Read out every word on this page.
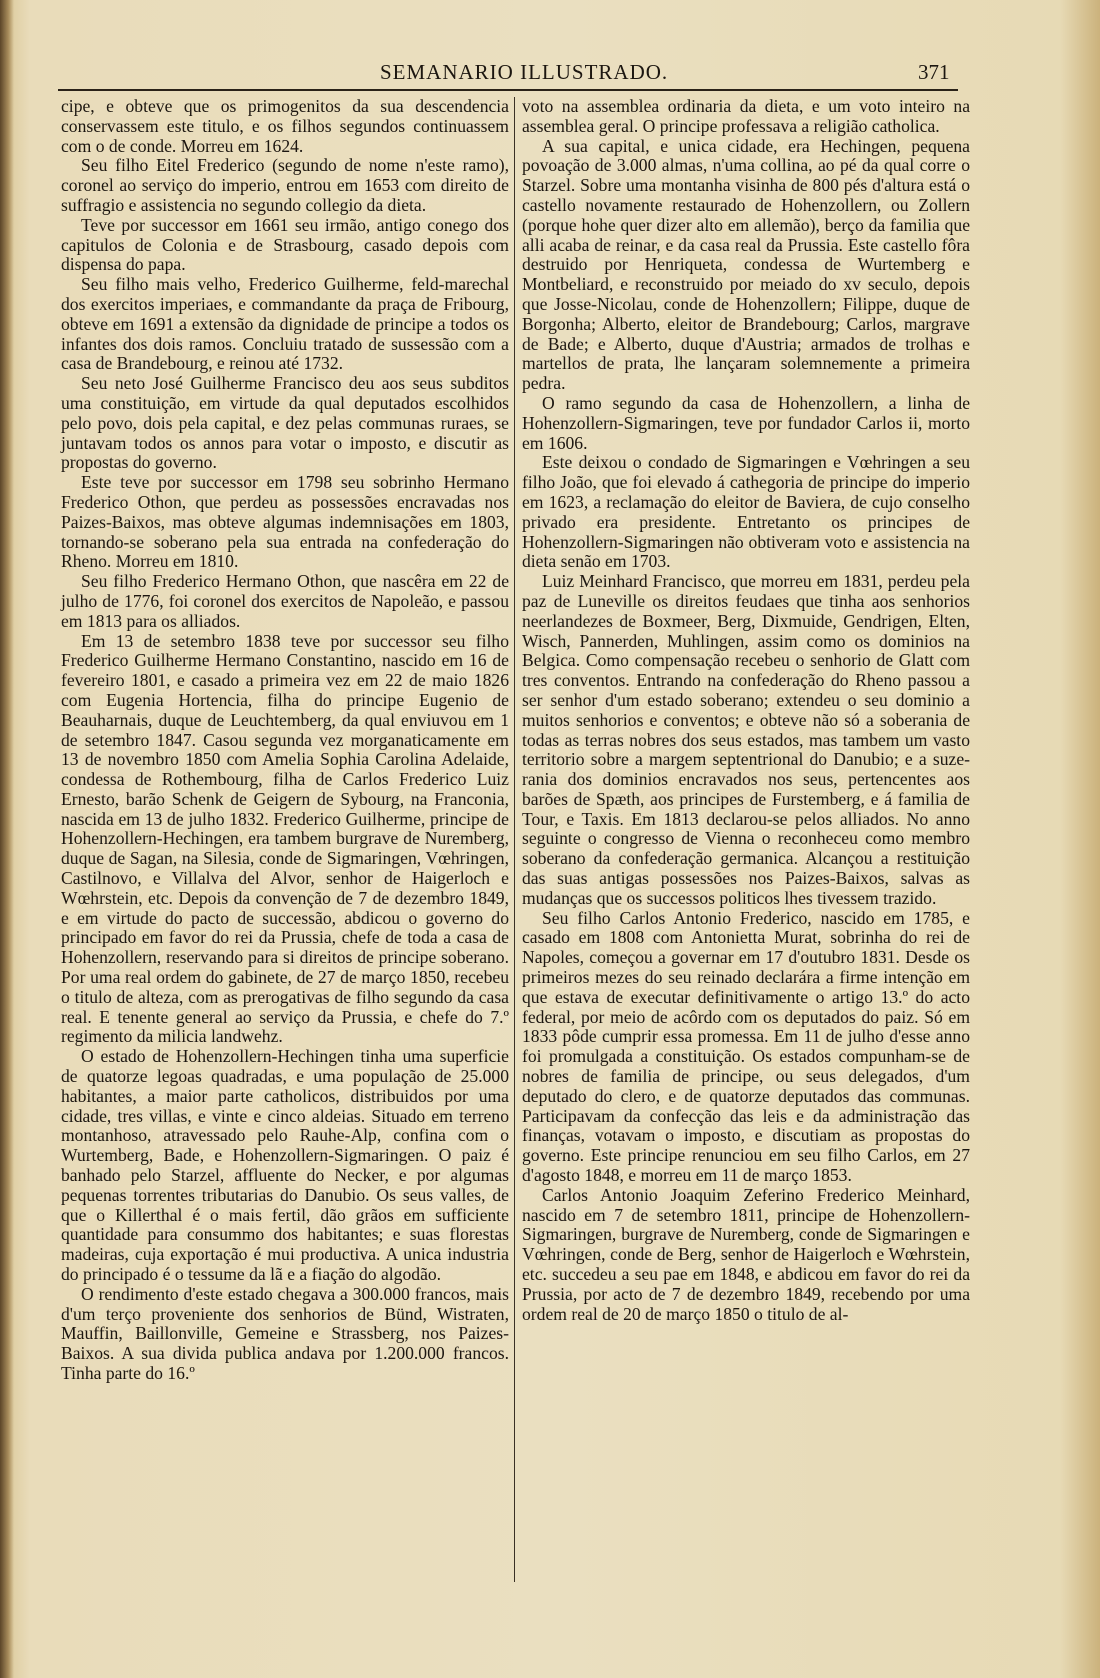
SEMANARIO ILLUSTRADO.	371

cipe, e obteve que os primogenitos da sua descendencia conservassem este titulo, e os filhos segundos continuassem com o de conde. Morreu em 1624.

Seu filho Eitel Frederico (segundo de nome n'este ramo), coronel ao serviço do imperio, entrou em 1653 com direito de suffragio e assistencia no segundo collegio da dieta.

Teve por successor em 1661 seu irmão, antigo conego dos capitulos de Colonia e de Strasbourg, casado depois com dispensa do papa.

Seu filho mais velho, Frederico Guilherme, feld-marechal dos exercitos imperiaes, e commandante da praça de Fribourg, obteve em 1691 a extensão da dignidade de principe a todos os infantes dos dois ramos. Concluiu tratado de sussessão com a casa de Brandebourg, e reinou até 1732.

Seu neto José Guilherme Francisco deu aos seus subditos uma constituição, em virtude da qual deputados escolhidos pelo povo, dois pela capital, e dez pelas communas ruraes, se juntavam todos os annos para votar o imposto, e discutir as propostas do governo.

Este teve por successor em 1798 seu sobrinho Hermano Frederico Othon, que perdeu as possessões encravadas nos Paizes-Baixos, mas obteve algumas indemnisações em 1803, tornando-se soberano pela sua entrada na confederação do Rheno. Morreu em 1810.

Seu filho Frederico Hermano Othon, que nascêra em 22 de julho de 1776, foi coronel dos exercitos de Napoleão, e passou em 1813 para os alliados.

Em 13 de setembro 1838 teve por successor seu filho Frederico Guilherme Hermano Constantino, nascido em 16 de fevereiro 1801, e casado a primeira vez em 22 de maio 1826 com Eugenia Hortencia, filha do principe Eugenio de Beauharnais, duque de Leuchtemberg, da qual enviuvou em 1 de setembro 1847. Casou segunda vez morganaticamente em 13 de novembro 1850 com Amelia Sophia Carolina Adelaide, condessa de Rothembourg, filha de Carlos Frederico Luiz Ernesto, barão Schenk de Geigern de Sybourg, na Franconia, nascida em 13 de julho 1832. Frederico Guilherme, principe de Hohenzollern-Hechingen, era tambem burgrave de Nuremberg, duque de Sagan, na Silesia, conde de Sigmaringen, Vœhringen, Castilnovo, e Villalva del Alvor, senhor de Haigerloch e Wœhrstein, etc. Depois da convenção de 7 de dezembro 1849, e em virtude do pacto de successão, abdicou o governo do principado em favor do rei da Prussia, chefe de toda a casa de Hohenzollern, reservando para si direitos de principe soberano. Por uma real ordem do gabinete, de 27 de março 1850, recebeu o titulo de alteza, com as prerogativas de filho segundo da casa real. E tenente general ao serviço da Prussia, e chefe do 7.º regimento da milicia landwehz.

O estado de Hohenzollern-Hechingen tinha uma superficie de quatorze legoas quadradas, e uma população de 25.000 habitantes, a maior parte catholicos, distribuidos por uma cidade, tres villas, e vinte e cinco aldeias. Situado em terreno montanhoso, atravessado pelo Rauhe-Alp, confina com o Wurtemberg, Bade, e Hohenzollern-Sigmaringen. O paiz é banhado pelo Starzel, affluente do Necker, e por algumas pequenas torrentes tributarias do Danubio. Os seus valles, de que o Killerthal é o mais fertil, dão grãos em sufficiente quantidade para consummo dos habitantes; e suas florestas madeiras, cuja exportação é mui productiva. A unica industria do principado é o tessume da lã e a fiação do algodão.

O rendimento d'este estado chegava a 300.000 francos, mais d'um terço proveniente dos senhorios de Bünd, Wistraten, Mauffin, Baillonville, Gemeine e Strassberg, nos Paizes-Baixos. A sua divida publica andava por 1.200.000 francos. Tinha parte do 16.º

voto na assemblea ordinaria da dieta, e um voto inteiro na assemblea geral. O principe professava a religião catholica.

A sua capital, e unica cidade, era Hechingen, pequena povoação de 3.000 almas, n'uma collina, ao pé da qual corre o Starzel. Sobre uma montanha visinha de 800 pés d'altura está o castello novamente restaurado de Hohenzollern, ou Zollern (porque hohe quer dizer alto em allemão), berço da familia que alli acaba de reinar, e da casa real da Prussia. Este castello fôra destruido por Henriqueta, condessa de Wurtemberg e Montbeliard, e reconstruido por meiado do xv seculo, depois que Josse-Nicolau, conde de Hohenzollern; Filippe, duque de Borgonha; Alberto, eleitor de Brandebourg; Carlos, margrave de Bade; e Alberto, duque d'Austria; armados de trolhas e martellos de prata, lhe lançaram solemnemente a primeira pedra.

O ramo segundo da casa de Hohenzollern, a linha de Hohenzollern-Sigmaringen, teve por fundador Carlos ii, morto em 1606.

Este deixou o condado de Sigmaringen e Vœhringen a seu filho João, que foi elevado á cathegoria de principe do imperio em 1623, a reclamação do eleitor de Baviera, de cujo conselho privado era presidente. Entretanto os principes de Hohenzollern-Sigmaringen não obtiveram voto e assistencia na dieta senão em 1703.

Luiz Meinhard Francisco, que morreu em 1831, perdeu pela paz de Luneville os direitos feudaes que tinha aos senhorios neerlandezes de Boxmeer, Berg, Dixmuide, Gendrigen, Elten, Wisch, Pannerden, Muhlingen, assim como os dominios na Belgica. Como compensação recebeu o senhorio de Glatt com tres conventos. Entrando na confederação do Rheno passou a ser senhor d'um estado soberano; extendeu o seu dominio a muitos senhorios e conventos; e obteve não só a soberania de todas as terras nobres dos seus estados, mas tambem um vasto territorio sobre a margem septentrional do Danubio; e a suzerania dos dominios encravados nos seus, pertencentes aos barões de Spæth, aos principes de Furstemberg, e á familia de Tour, e Taxis. Em 1813 declarou-se pelos alliados. No anno seguinte o congresso de Vienna o reconheceu como membro soberano da confederação germanica. Alcançou a restituição das suas antigas possessões nos Paizes-Baixos, salvas as mudanças que os successos politicos lhes tivessem trazido.

Seu filho Carlos Antonio Frederico, nascido em 1785, e casado em 1808 com Antonietta Murat, sobrinha do rei de Napoles, começou a governar em 17 d'outubro 1831. Desde os primeiros mezes do seu reinado declarára a firme intenção em que estava de executar definitivamente o artigo 13.º do acto federal, por meio de acôrdo com os deputados do paiz. Só em 1833 pôde cumprir essa promessa. Em 11 de julho d'esse anno foi promulgada a constituição. Os estados compunham-se de nobres de familia de principe, ou seus delegados, d'um deputado do clero, e de quatorze deputados das communas. Participavam da confecção das leis e da administração das finanças, votavam o imposto, e discutiam as propostas do governo. Este principe renunciou em seu filho Carlos, em 27 d'agosto 1848, e morreu em 11 de março 1853.

Carlos Antonio Joaquim Zeferino Frederico Meinhard, nascido em 7 de setembro 1811, principe de Hohenzollern-Sigmaringen, burgrave de Nuremberg, conde de Sigmaringen e Vœhringen, conde de Berg, senhor de Haigerloch e Wœhrstein, etc. succedeu a seu pae em 1848, e abdicou em favor do rei da Prussia, por acto de 7 de dezembro 1849, recebendo por uma ordem real de 20 de março 1850 o titulo de al-
